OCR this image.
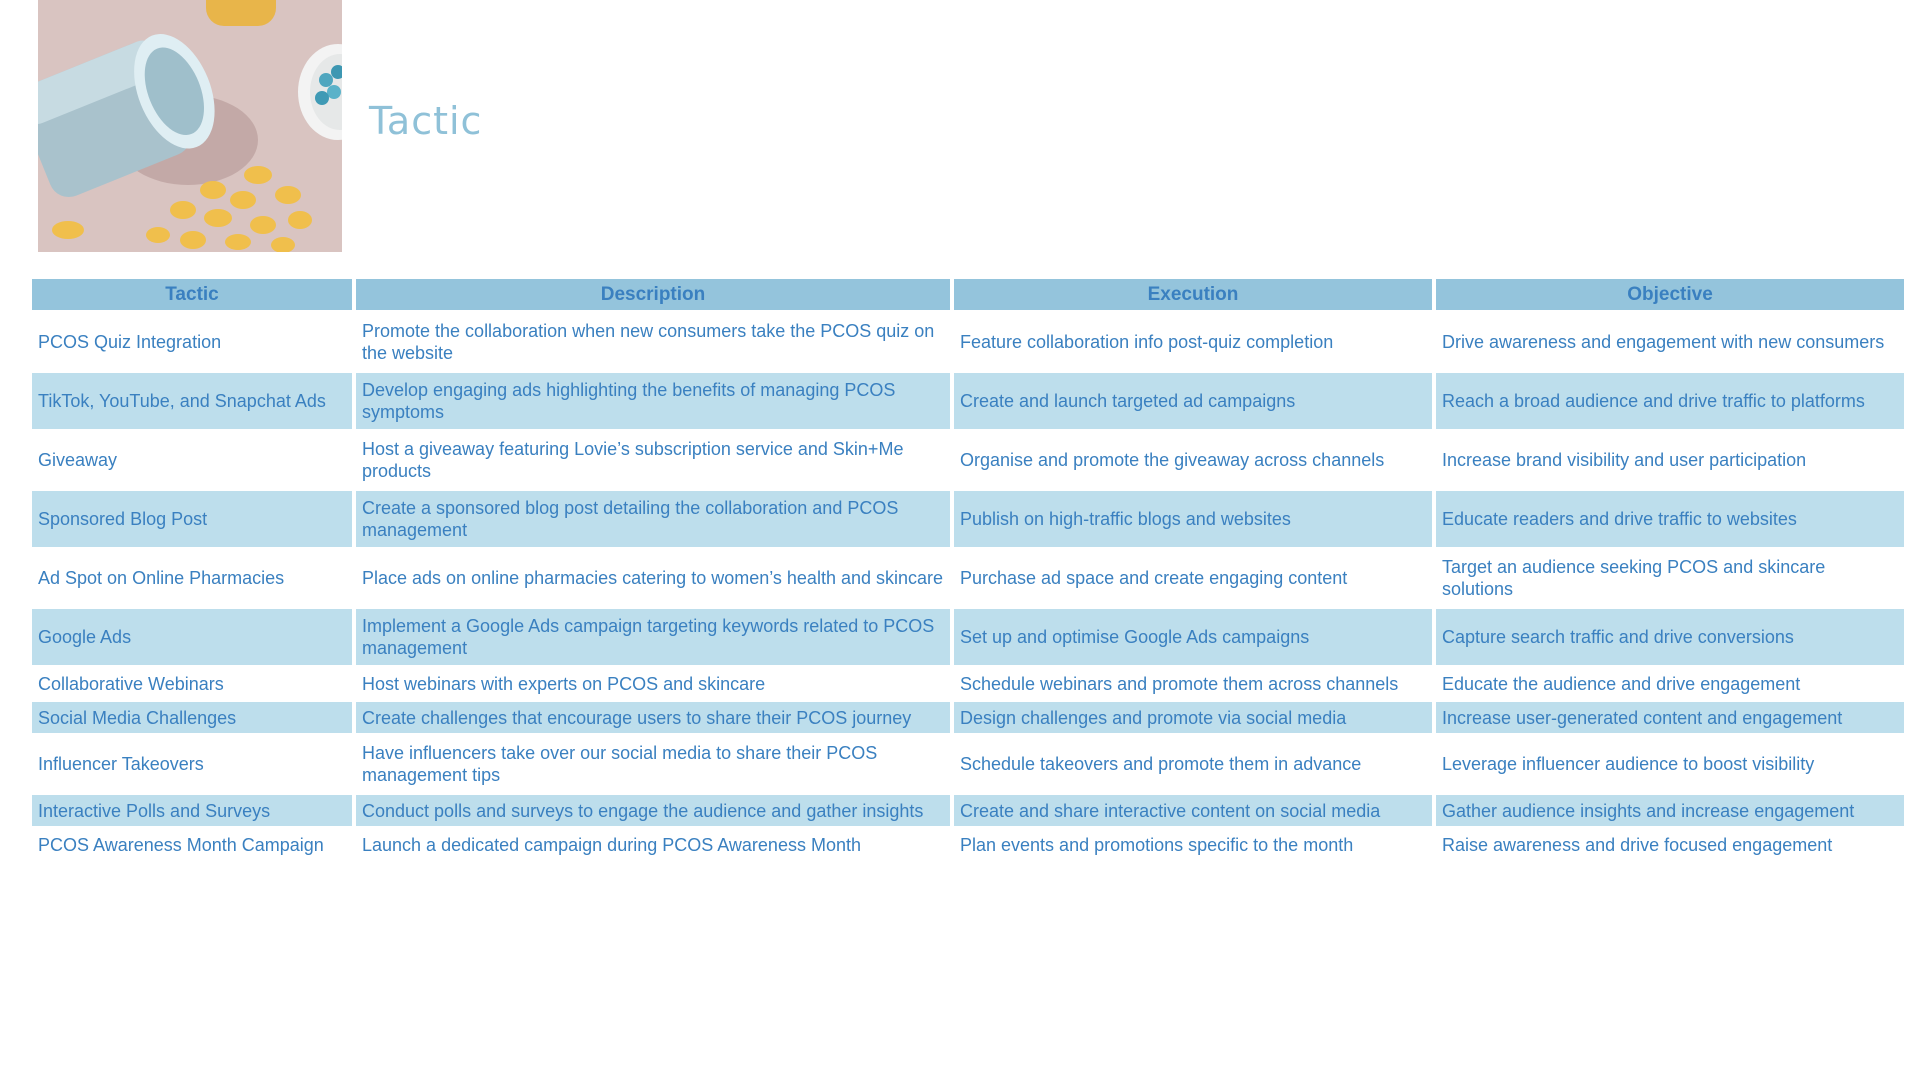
Tactic
Tactic	Description	Execution	Objective
PCOS Quiz Integration	Promote the collaboration when new consumers take the PCOS quiz on the website	Feature collaboration info post-quiz completion	Drive awareness and engagement with new consumers
TikTok, YouTube, and Snapchat Ads	Develop engaging ads highlighting the benefits of managing PCOS symptoms	Create and launch targeted ad campaigns	Reach a broad audience and drive traffic to platforms
Giveaway	Host a giveaway featuring Lovie’s subscription service and Skin+Me products	Organise and promote the giveaway across channels	Increase brand visibility and user participation
Sponsored Blog Post	Create a sponsored blog post detailing the collaboration and PCOS management	Publish on high-traffic blogs and websites	Educate readers and drive traffic to websites
Ad Spot on Online Pharmacies	Place ads on online pharmacies catering to women’s health and skincare	Purchase ad space and create engaging content	Target an audience seeking PCOS and skincare solutions
Google Ads	Implement a Google Ads campaign targeting keywords related to PCOS management	Set up and optimise Google Ads campaigns	Capture search traffic and drive conversions
Collaborative Webinars	Host webinars with experts on PCOS and skincare	Schedule webinars and promote them across channels	Educate the audience and drive engagement
Social Media Challenges	Create challenges that encourage users to share their PCOS journey	Design challenges and promote via social media	Increase user-generated content and engagement
Influencer Takeovers	Have influencers take over our social media to share their PCOS management tips	Schedule takeovers and promote them in advance	Leverage influencer audience to boost visibility
Interactive Polls and Surveys	Conduct polls and surveys to engage the audience and gather insights	Create and share interactive content on social media	Gather audience insights and increase engagement
PCOS Awareness Month Campaign	Launch a dedicated campaign during PCOS Awareness Month	Plan events and promotions specific to the month	Raise awareness and drive focused engagement
